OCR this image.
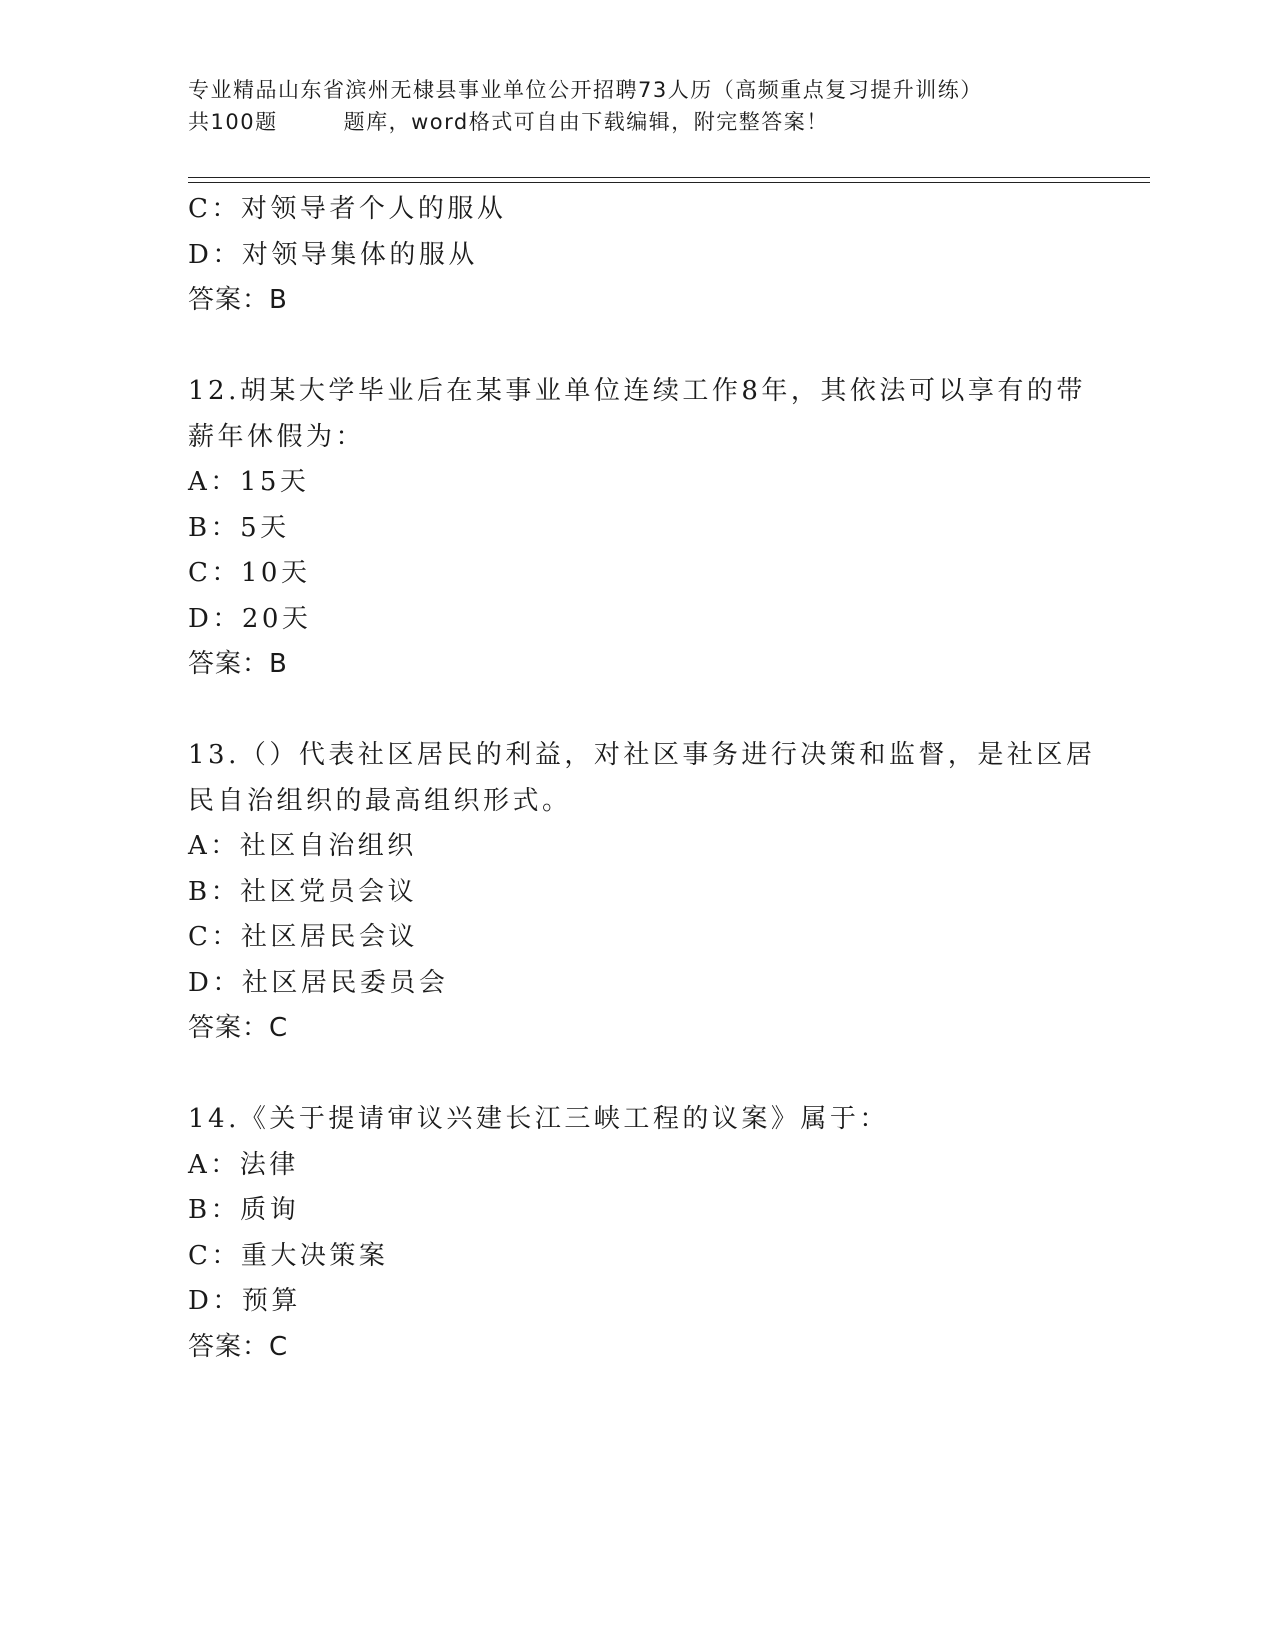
专业精品山东省滨州无棣县事业单位公开招聘73人历（高频重点复习提升训练）
共100题	题库，word格式可自由下载编辑，附完整答案！
C：对领导者个人的服从
D：对领导集体的服从
答案：B
12.胡某大学毕业后在某事业单位连续工作8年，其依法可以享有的带
薪年休假为：
A：15天
B：5天
C：10天
D：20天
答案：B
13.（）代表社区居民的利益，对社区事务进行决策和监督，是社区居
民自治组织的最高组织形式。
A：社区自治组织
B：社区党员会议
C：社区居民会议
D：社区居民委员会
答案：C
14.《关于提请审议兴建长江三峡工程的议案》属于：
A：法律
B：质询
C：重大决策案
D：预算
答案：C
